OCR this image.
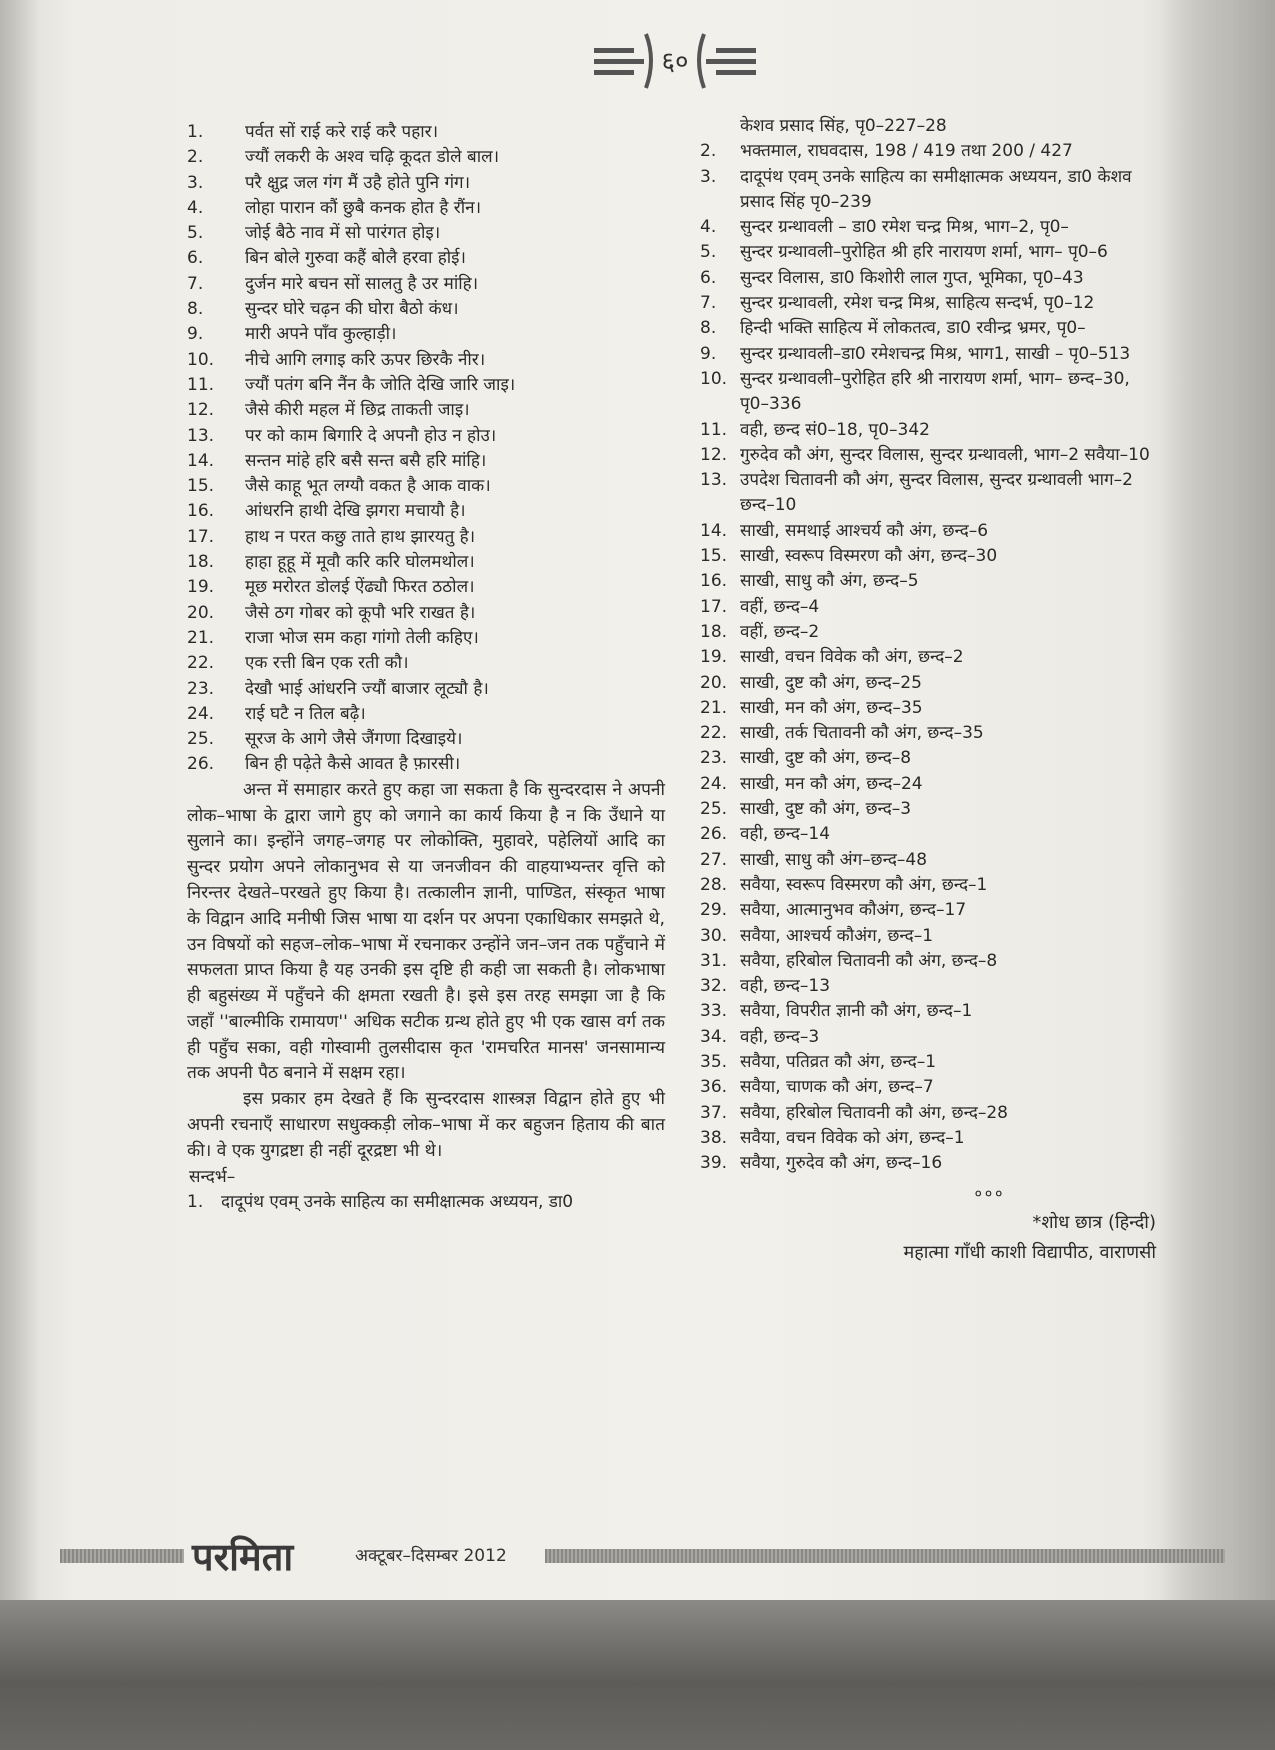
६०
1.	पर्वत सों राई करे राई करै पहार।
2.	ज्यौं लकरी के अश्व चढ़ि कूदत डोले बाल।
3.	परै क्षुद्र जल गंग मैं उहै होते पुनि गंग।
4.	लोहा पारान कौं छुबै कनक होत है रौंन।
5.	जोई बैठे नाव में सो पारंगत होइ।
6.	बिन बोले गुरुवा कहैं बोलै हरवा होई।
7.	दुर्जन मारे बचन सों सालतु है उर मांहि।
8.	सुन्दर घोरे चढ़न की घोरा बैठो कंध।
9.	मारी अपने पाँव कुल्हाड़ी।
10.	नीचे आगि लगाइ करि ऊपर छिरकै नीर।
11.	ज्यौं पतंग बनि नैंन कै जोति देखि जारि जाइ।
12.	जैसे कीरी महल में छिद्र ताकती जाइ।
13.	पर को काम बिगारि दे अपनौ होउ न होउ।
14.	सन्तन मांहे हरि बसै सन्त बसै हरि मांहि।
15.	जैसे काहू भूत लग्यौ वकत है आक वाक।
16.	आंधरनि हाथी देखि झगरा मचायौ है।
17.	हाथ न परत कछु ताते हाथ झारयतु है।
18.	हाहा हूहू में मूवौ करि करि घोलमथोल।
19.	मूछ मरोरत डोलई ऐंढ्यौ फिरत ठठोल।
20.	जैसे ठग गोबर को कूपौ भरि राखत है।
21.	राजा भोज सम कहा गांगो तेली कहिए।
22.	एक रत्ती बिन एक रती कौ।
23.	देखौ भाई आंधरनि ज्यौं बाजार लूट्यौ है।
24.	राई घटै न तिल बढ़ै।
25.	सूरज के आगे जैसे जैंगणा दिखाइये।
26.	बिन ही पढ़ेते कैसे आवत है फ़ारसी।

अन्त में समाहार करते हुए कहा जा सकता है कि सुन्दरदास ने अपनी लोक–भाषा के द्वारा जागे हुए को जगाने का कार्य किया है न कि उँधाने या सुलाने का। इन्होंने जगह–जगह पर लोकोक्ति, मुहावरे, पहेलियों आदि का सुन्दर प्रयोग अपने लोकानुभव से या जनजीवन की वाहयाभ्यन्तर वृत्ति को निरन्तर देखते–परखते हुए किया है। तत्कालीन ज्ञानी, पाण्डित, संस्कृत भाषा के विद्वान आदि मनीषी जिस भाषा या दर्शन पर अपना एकाधिकार समझते थे, उन विषयों को सहज–लोक–भाषा में रचनाकर उन्होंने जन–जन तक पहुँचाने में सफलता प्राप्त किया है यह उनकी इस दृष्टि ही कही जा सकती है। लोकभाषा ही बहुसंख्य में पहुँचने की क्षमता रखती है। इसे इस तरह समझा जा है कि जहाँ ''बाल्मीकि रामायण'' अधिक सटीक ग्रन्थ होते हुए भी एक खास वर्ग तक ही पहुँच सका, वही गोस्वामी तुलसीदास कृत 'रामचरित मानस' जनसामान्य तक अपनी पैठ बनाने में सक्षम रहा।

इस प्रकार हम देखते हैं कि सुन्दरदास शास्त्रज्ञ विद्वान होते हुए भी अपनी रचनाएँ साधारण सधुक्कड़ी लोक–भाषा में कर बहुजन हिताय की बात की। वे एक युगद्रष्टा ही नहीं दूरद्रष्टा भी थे।

सन्दर्भ–

1.	दादूपंथ एवम् उनके साहित्य का समीक्षात्मक अध्ययन, डा0
केशव प्रसाद सिंह, पृ0–227–28
2.	भक्तमाल, राघवदास, 198 / 419 तथा 200 / 427
3.	दादूपंथ एवम् उनके साहित्य का समीक्षात्मक अध्ययन, डा0 केशव प्रसाद सिंह पृ0–239
4.	सुन्दर ग्रन्थावली – डा0 रमेश चन्द्र मिश्र, भाग–2, पृ0–
5.	सुन्दर ग्रन्थावली–पुरोहित श्री हरि नारायण शर्मा, भाग– पृ0–6
6.	सुन्दर विलास, डा0 किशोरी लाल गुप्त, भूमिका, पृ0–43
7.	सुन्दर ग्रन्थावली, रमेश चन्द्र मिश्र, साहित्य सन्दर्भ, पृ0–12
8.	हिन्दी भक्ति साहित्य में लोकतत्व, डा0 रवीन्द्र भ्रमर, पृ0–
9.	सुन्दर ग्रन्थावली–डा0 रमेशचन्द्र मिश्र, भाग1, साखी – पृ0–513
10. सुन्दर ग्रन्थावली–पुरोहित हरि श्री नारायण शर्मा, भाग– छन्द–30, पृ0–336
11. वही, छन्द सं0–18, पृ0–342
12. गुरुदेव कौ अंग, सुन्दर विलास, सुन्दर ग्रन्थावली, भाग–2 सवैया–10
13. उपदेश चितावनी कौ अंग, सुन्दर विलास, सुन्दर ग्रन्थावली भाग–2 छन्द–10
14. साखी, समथाई आश्चर्य कौ अंग, छन्द–6
15. साखी, स्वरूप विस्मरण कौ अंग, छन्द–30
16. साखी, साधु कौ अंग, छन्द–5
17. वहीं, छन्द–4
18. वहीं, छन्द–2
19. साखी, वचन विवेक कौ अंग, छन्द–2
20. साखी, दुष्ट कौ अंग, छन्द–25
21. साखी, मन कौ अंग, छन्द–35
22. साखी, तर्क चितावनी कौ अंग, छन्द–35
23. साखी, दुष्ट कौ अंग, छन्द–8
24. साखी, मन कौ अंग, छन्द–24
25. साखी, दुष्ट कौ अंग, छन्द–3
26. वही, छन्द–14
27. साखी, साधु कौ अंग–छन्द–48
28. सवैया, स्वरूप विस्मरण कौ अंग, छन्द–1
29. सवैया, आत्मानुभव कौअंग, छन्द–17
30. सवैया, आश्चर्य कौअंग, छन्द–1
31. सवैया, हरिबोल चितावनी कौ अंग, छन्द–8
32. वही, छन्द–13
33. सवैया, विपरीत ज्ञानी कौ अंग, छन्द–1
34. वही, छन्द–3
35. सवैया, पतिव्रत कौ अंग, छन्द–1
36. सवैया, चाणक कौ अंग, छन्द–7
37. सवैया, हरिबोल चितावनी कौ अंग, छन्द–28
38. सवैया, वचन विवेक को अंग, छन्द–1
39. सवैया, गुरुदेव कौ अंग, छन्द–16
०००
*शोध छात्र (हिन्दी)
महात्मा गाँधी काशी विद्यापीठ, वाराणसी
परमिता	अक्टूबर–दिसम्बर 2012
